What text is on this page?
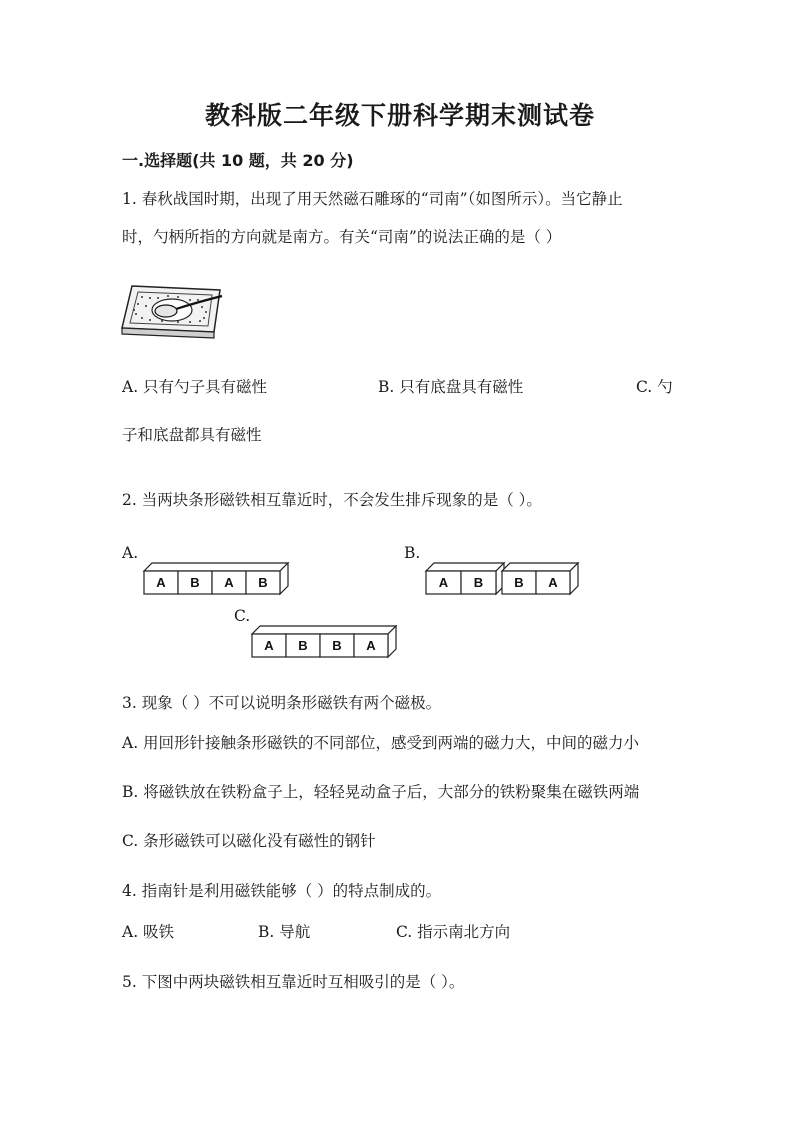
教科版二年级下册科学期末测试卷
一.选择题(共 10 题，共 20 分)
1. 春秋战国时期，出现了用天然磁石雕琢的“司南”（如图所示）。当它静止
时，勺柄所指的方向就是南方。有关“司南”的说法正确的是（ ）
A. 只有勺子具有磁性	B. 只有底盘具有磁性	C. 勺
子和底盘都具有磁性
2. 当两块条形磁铁相互靠近时，不会发生排斥现象的是（ ）。
A.	B.
C.
A B A B	A B B A
A B B A
3. 现象（ ）不可以说明条形磁铁有两个磁极。
A. 用回形针接触条形磁铁的不同部位，感受到两端的磁力大，中间的磁力小
B. 将磁铁放在铁粉盒子上，轻轻晃动盒子后，大部分的铁粉聚集在磁铁两端
C. 条形磁铁可以磁化没有磁性的钢针
4. 指南针是利用磁铁能够（ ）的特点制成的。
A. 吸铁	B. 导航	C. 指示南北方向
5. 下图中两块磁铁相互靠近时互相吸引的是（ ）。
